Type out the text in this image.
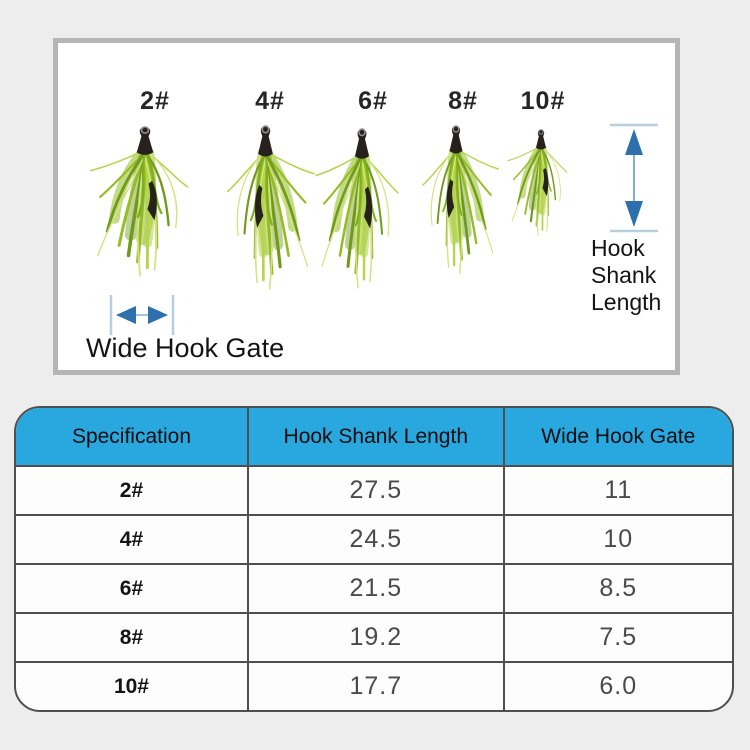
2#	4#	6# 8# 10#
Hook
Shank
Length
Wide Hook Gate
Specification	Hook Shank Length	Wide Hook Gate
2#	27.5	11
4#	24.5	10
6#	21.5	8.5
8#	19.2	7.5
10#	17.7	6.0
